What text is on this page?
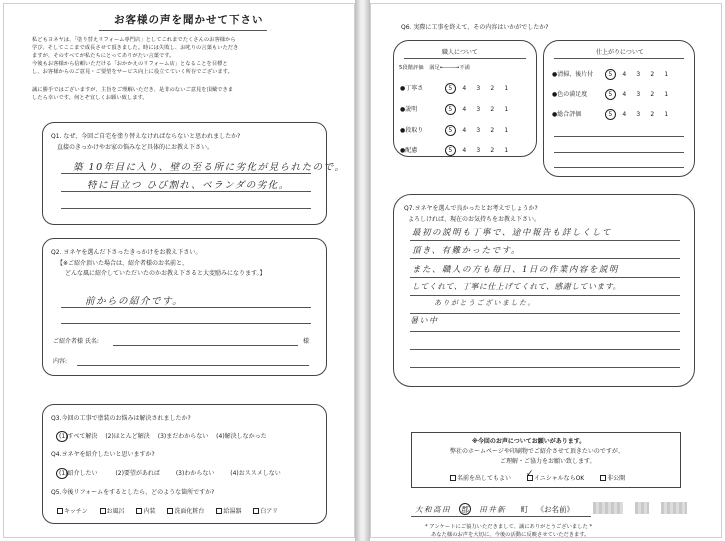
お客様の声を聞かせて下さい
私どもヨネヤは、「塗り替えリフォーム専門店」としてこれまでたくさんのお客様から
学び、そしてここまで成長させて頂きました。時には失敗し、お叱りの言葉もいただき
ますが、そのすべてが私たちにとってありがたい言葉です。
今後もお客様から信頼いただける「おかかえのリフォーム店」となることを目標と
し、お客様からのご意見・ご要望をサービス向上に役立てていく所存でございます。
誠に勝手ではございますが、主旨をご理解いただき、是非のないご意見を頂戴できま
したら幸いです。何とぞ宜しくお願い致します。
Q1. なぜ、今回ご自宅を塗り替えなければならないと思われましたか?
直接のきっかけやお家の悩みなど具体的にお教え下さい。
築 10年目に入り、壁の至る所に劣化が見られたので。
特に目立つ ひび割れ、ベランダの劣化。
Q2. ヨネヤを選んだ下さったきっかけをお教え下さい。
【※ご紹介頂いた場合は、紹介者様のお名前と、
どんな風に紹介していただいたのかお教え下さると大変励みになります。】
前からの紹介です。
ご紹介者様 氏名:	様
内容:
Q3.今回の工事で塗装のお悩みは解決されましたか?
(1)すべて解決 (2)ほとんど解決 (3)まだわからない (4)解決しなかった
Q4.ヨネヤを紹介したいと思いますか?
(1)紹介したい	(2)要望があれば	(3)わからない	(4)おススメしない
Q5.今後リフォームをするとしたら、どのような箇所ですか?
キッチン	お風呂	内装	洗面化粧台	給湯器	白アリ
Q6. 実際に工事を終えて、その内容はいかがでしたか?
職人について
5段階評価 満足←――→不満
●丁寧さ	5 4 3 2 1
●説明	5 4 3 2 1
●段取り	5 4 3 2 1
●配慮	5 4 3 2 1
仕上がりについて
●清掃、後片付	5 4 3 2 1
●色の満足度	5 4 3 2 1
●総合評価	5 4 3 2 1
Q7.ヨネヤを選んで良かったとお考えでしょうか?
よろしければ、現在のお気持ちをお教え下さい。
最初の説明も丁寧で、途中報告も詳しくして
頂き、有難かったです。
また、職人の方も毎日、1日の作業内容を説明
してくれて、丁寧に仕上げてくれて、感謝しています。
ありがとうございました。
暑い中
※今回のお声についてお願いがあります。
弊社のホームページや印刷物でご紹介させて頂きたいのですが、
ご理解・ご協力をお願い致します。
名前を出してもよい ✓ イニシャルならOK	非公開
大和高田 郡 田井新 町 《お名前》
* アンケートにご協力いただきまして、誠にありがとうございました *
あなた様のお声を大切に、今後の活動に反映させていただきます。
